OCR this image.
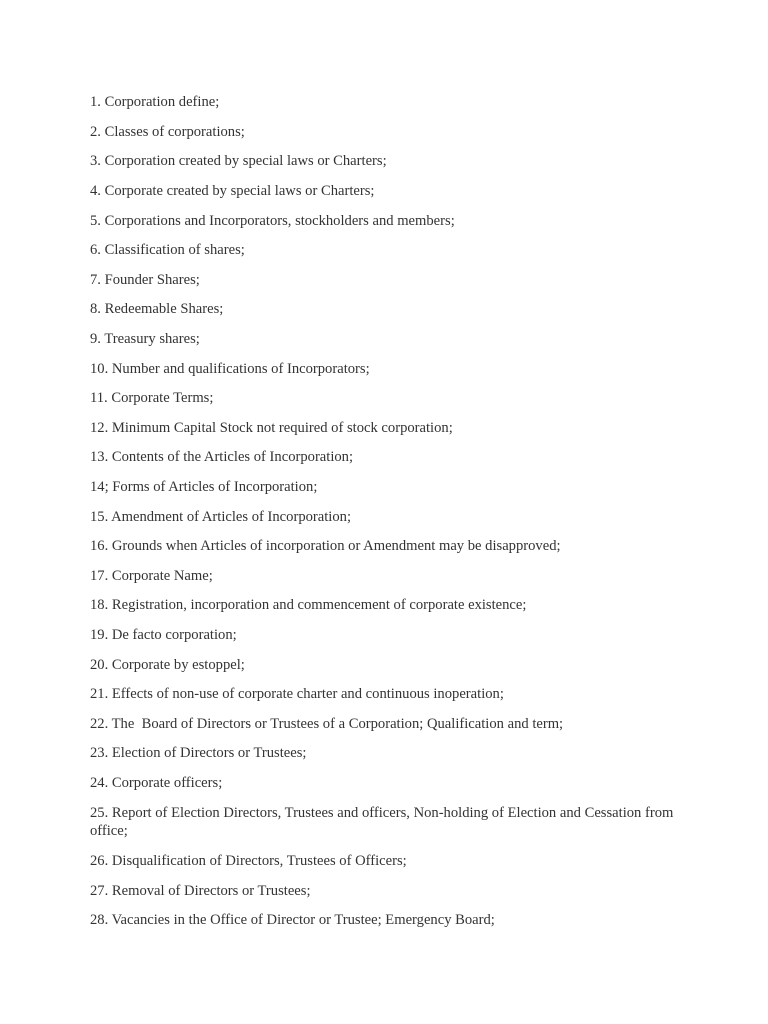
1. Corporation define;

2. Classes of corporations;

3. Corporation created by special laws or Charters;

4. Corporate created by special laws or Charters;

5. Corporations and Incorporators, stockholders and members;

6. Classification of shares;

7. Founder Shares;

8. Redeemable Shares;

9. Treasury shares;

10. Number and qualifications of Incorporators;

11. Corporate Terms;

12. Minimum Capital Stock not required of stock corporation;

13. Contents of the Articles of Incorporation;

14; Forms of Articles of Incorporation;

15. Amendment of Articles of Incorporation;

16. Grounds when Articles of incorporation or Amendment may be disapproved;

17. Corporate Name;

18. Registration, incorporation and commencement of corporate existence;

19. De facto corporation;

20. Corporate by estoppel;

21. Effects of non-use of corporate charter and continuous inoperation;

22. The  Board of Directors or Trustees of a Corporation; Qualification and term;

23. Election of Directors or Trustees;

24. Corporate officers;

25. Report of Election Directors, Trustees and officers, Non-holding of Election and Cessation from office;

26. Disqualification of Directors, Trustees of Officers;

27. Removal of Directors or Trustees;

28. Vacancies in the Office of Director or Trustee; Emergency Board;
